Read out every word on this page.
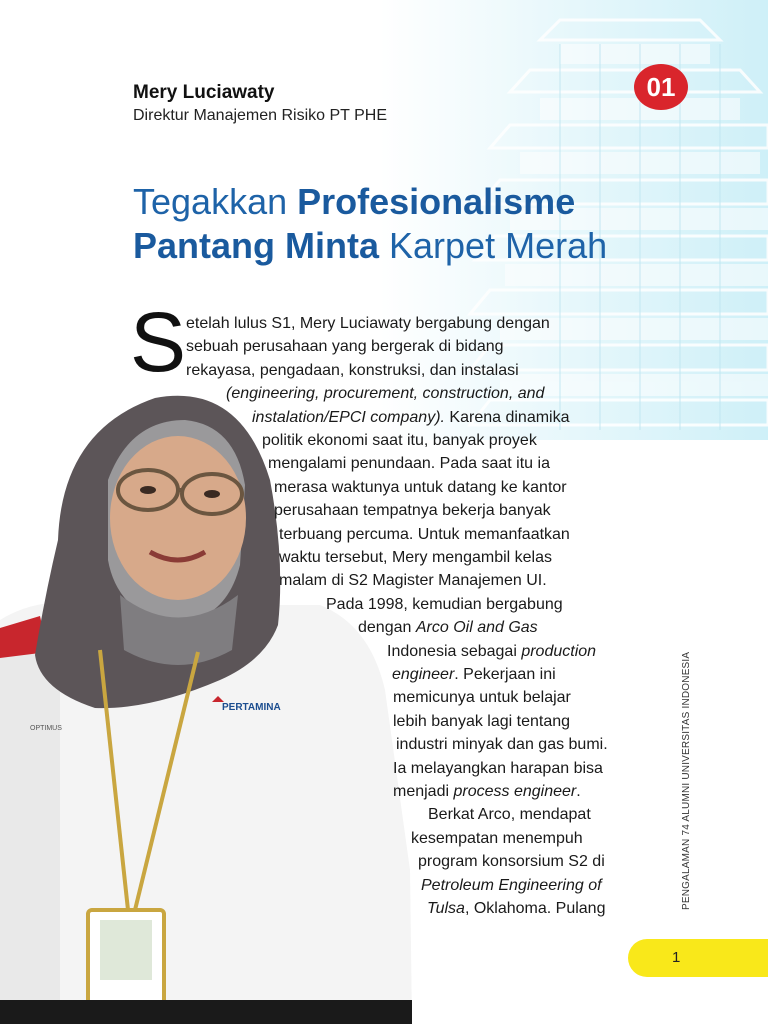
Mery Luciawaty
Direktur Manajemen Risiko PT PHE
01
Tegakkan Profesionalisme
Pantang Minta Karpet Merah
PERTAMINA
OPTIMUS
S etelah lulus S1, Mery Luciawaty bergabung dengan
sebuah perusahaan yang bergerak di bidang
rekayasa, pengadaan, konstruksi, dan instalasi
(engineering, procurement, construction, and
instalation/EPCI company). Karena dinamika
politik ekonomi saat itu, banyak proyek
mengalami penundaan. Pada saat itu ia
merasa waktunya untuk datang ke kantor
perusahaan tempatnya bekerja banyak
terbuang percuma. Untuk memanfaatkan
waktu tersebut, Mery mengambil kelas
malam di S2 Magister Manajemen UI.
Pada 1998, kemudian bergabung
dengan Arco Oil and Gas
Indonesia sebagai production
engineer. Pekerjaan ini
memicunya untuk belajar
lebih banyak lagi tentang
industri minyak dan gas bumi.
Ia melayangkan harapan bisa
menjadi process engineer.
Berkat Arco, mendapat
kesempatan menempuh
program konsorsium S2 di
Petroleum Engineering of
Tulsa, Oklahoma. Pulang	PENGALAMAN 74 ALUMNI UNIVERSITAS INDONESIA
1
